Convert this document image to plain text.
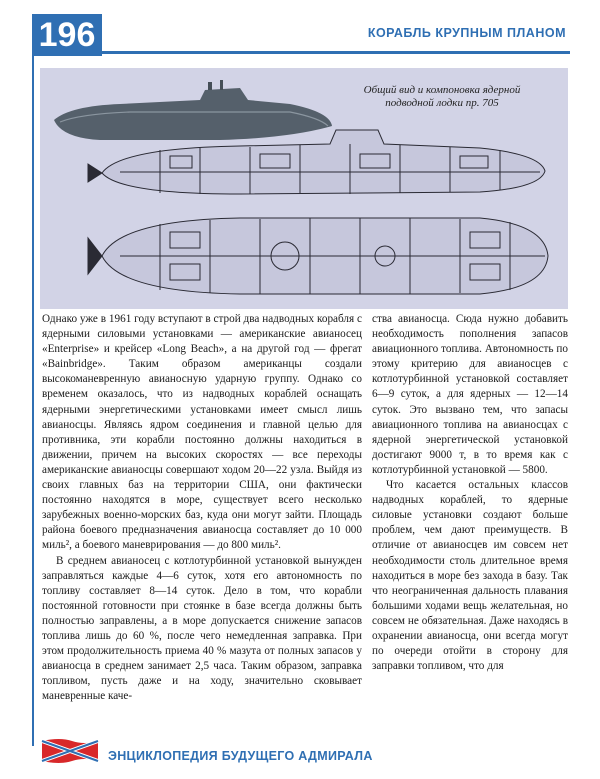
196	КОРАБЛЬ КРУПНЫМ ПЛАНОМ
Общий вид и компоновка ядерной подводной лодки пр. 705

Однако уже в 1961 году вступают в строй два надводных корабля с ядерными силовыми установками — американские авианосец «Enterprise» и крейсер «Long Beach», а на другой год — фрегат «Bainbridge». Таким образом американцы создали высокоманевренную авианосную ударную группу. Однако со временем оказалось, что из надводных кораблей оснащать ядерными энергетическими установками имеет смысл лишь авианосцы. Являясь ядром соединения и главной целью для противника, эти корабли постоянно должны находиться в движении, причем на высоких скоростях — все переходы американские авианосцы совершают ходом 20—22 узла. Выйдя из своих главных баз на территории США, они фактически постоянно находятся в море, существует всего несколько зарубежных военно-морских баз, куда они могут зайти. Площадь района боевого предназначения авианосца составляет до 10 000 миль², а боевого маневрирования — до 800 миль².

В среднем авианосец с котлотурбинной установкой вынужден заправляться каждые 4—6 суток, хотя его автономность по топливу составляет 8—14 суток. Дело в том, что корабли постоянной готовности при стоянке в базе всегда должны быть полностью заправлены, а в море допускается снижение запасов топлива лишь до 60 %, после чего немедленная заправка. При этом продолжительность приема 40 % мазута от полных запасов у авианосца в среднем занимает 2,5 часа. Таким образом, заправка топливом, пусть даже и на ходу, значительно сковывает маневренные каче-

ства авианосца. Сюда нужно добавить необходимость пополнения запасов авиационного топлива. Автономность по этому критерию для авианосцев с котлотурбинной установкой составляет 6—9 суток, а для ядерных — 12—14 суток. Это вызвано тем, что запасы авиационного топлива на авианосцах с ядерной энергетической установкой достигают 9000 т, в то время как с котлотурбинной установкой — 5800.

Что касается остальных классов надводных кораблей, то ядерные силовые установки создают больше проблем, чем дают преимуществ. В отличие от авианосцев им совсем нет необходимости столь длительное время находиться в море без захода в базу. Так что неограниченная дальность плавания большими ходами вещь желательная, но совсем не обязательная. Даже находясь в охранении авианосца, они всегда могут по очереди отойти в сторону для заправки топливом, что для

ЭНЦИКЛОПЕДИЯ БУДУЩЕГО АДМИРАЛА
